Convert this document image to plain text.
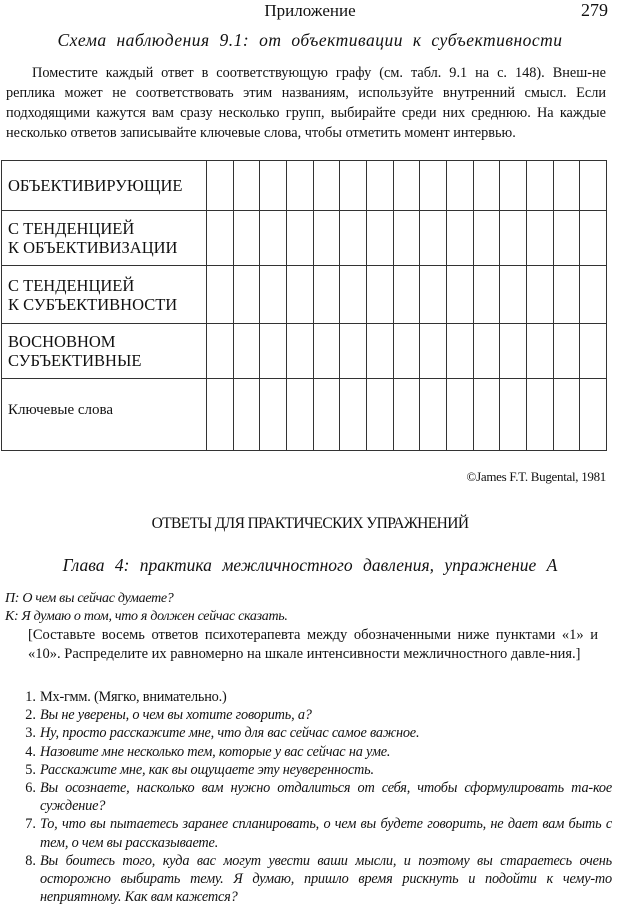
Приложение	279
Схема наблюдения 9.1: от объективации к субъективности
Поместите каждый ответ в соответствующую графу (см. табл. 9.1 на с. 148). Внеш-не реплика может не соответствовать этим названиям, используйте внутренний смысл. Если подходящими кажутся вам сразу несколько групп, выбирайте среди них среднюю. На каждые несколько ответов записывайте ключевые слова, чтобы отметить момент интервью.
ОБЪЕКТИВИРУЮЩИЕ															

С ТЕНДЕНЦИЕЙ
К ОБЪЕКТИВИЗАЦИИ															

С ТЕНДЕНЦИЕЙ
К СУБЪЕКТИВНОСТИ															

ВОСНОВНОМ
СУБЪЕКТИВНЫЕ															

Ключевые слова															

©James F.T. Bugental, 1981
ОТВЕТЫ ДЛЯ ПРАКТИЧЕСКИХ УПРАЖНЕНИЙ
Глава 4: практика межличностного давления, упражнение А
П: О чем вы сейчас думаете?
К: Я думаю о том, что я должен сейчас сказать.
[Составьте восемь ответов психотерапевта между обозначенными ниже пунктами «1» и «10». Распределите их равномерно на шкале интенсивности межличностного давле-ния.]
1. Мх-гмм. (Мягко, внимательно.)
2. Вы не уверены, о чем вы хотите говорить, а?
3. Ну, просто расскажите мне, что для вас сейчас самое важное.
4. Назовите мне несколько тем, которые у вас сейчас на уме.
5. Расскажите мне, как вы ощущаете эту неуверенность.
6. Вы осознаете, насколько вам нужно отдалиться от себя, чтобы сформулировать та-кое суждение?
7. То, что вы пытаетесь заранее спланировать, о чем вы будете говорить, не дает вам быть с тем, о чем вы рассказываете.
8. Вы боитесь того, куда вас могут увести ваши мысли, и поэтому вы стараетесь очень осторожно выбирать тему. Я думаю, пришло время рискнуть и подойти к чему-то неприятному. Как вам кажется?
